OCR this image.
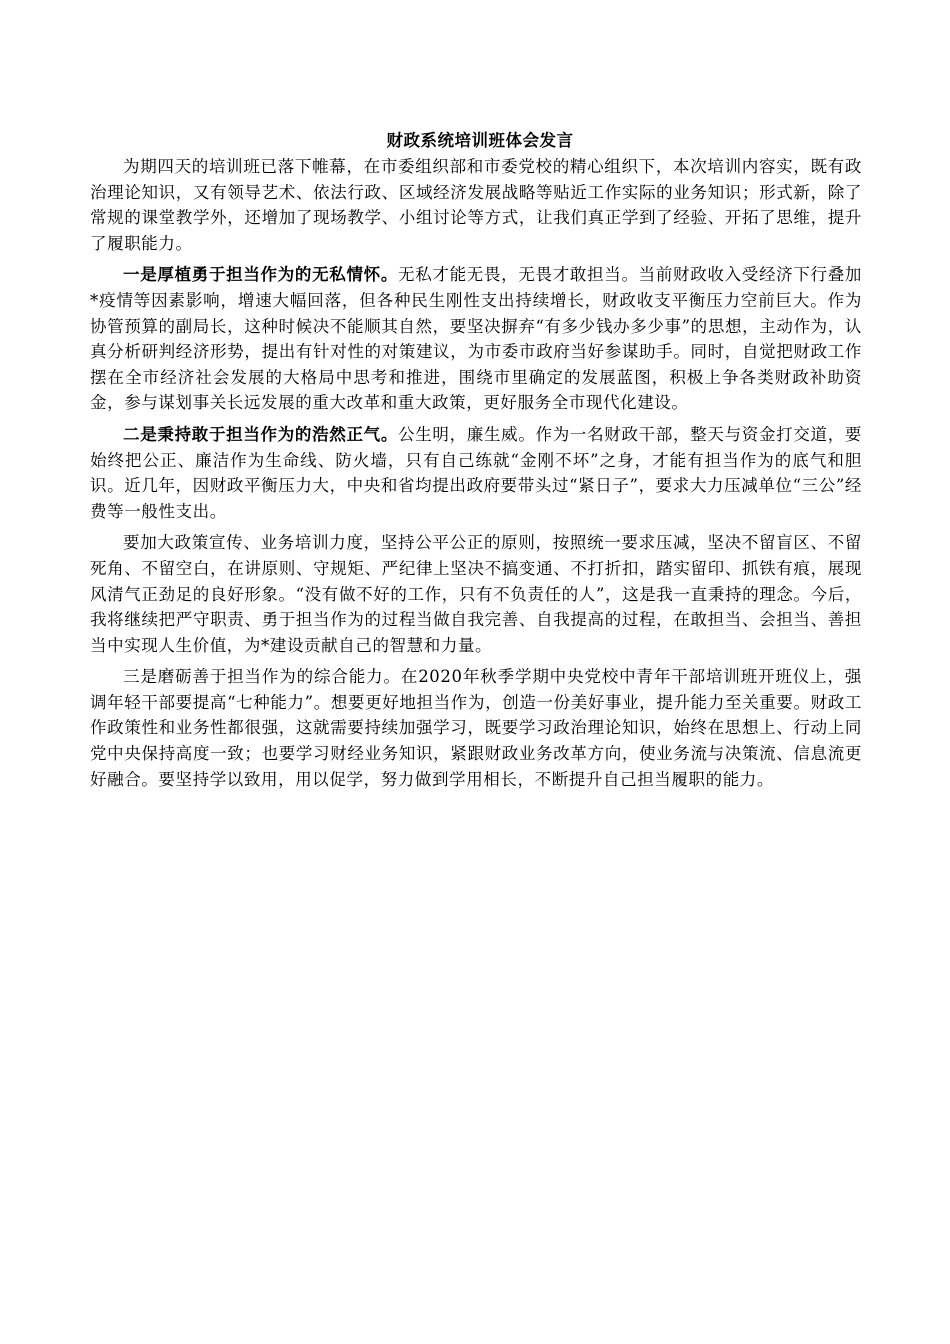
财政系统培训班体会发言

为期四天的培训班已落下帷幕，在市委组织部和市委党校的精心组织下，本次培训内容实，既有政治理论知识，又有领导艺术、依法行政、区域经济发展战略等贴近工作实际的业务知识；形式新，除了常规的课堂教学外，还增加了现场教学、小组讨论等方式，让我们真正学到了经验、开拓了思维，提升了履职能力。

一是厚植勇于担当作为的无私情怀。无私才能无畏，无畏才敢担当。当前财政收入受经济下行叠加*疫情等因素影响，增速大幅回落，但各种民生刚性支出持续增长，财政收支平衡压力空前巨大。作为协管预算的副局长，这种时候决不能顺其自然，要坚决摒弃“有多少钱办多少事”的思想，主动作为，认真分析研判经济形势，提出有针对性的对策建议，为市委市政府当好参谋助手。同时，自觉把财政工作摆在全市经济社会发展的大格局中思考和推进，围绕市里确定的发展蓝图，积极上争各类财政补助资金，参与谋划事关长远发展的重大改革和重大政策，更好服务全市现代化建设。

二是秉持敢于担当作为的浩然正气。公生明，廉生威。作为一名财政干部，整天与资金打交道，要始终把公正、廉洁作为生命线、防火墙，只有自己练就“金刚不坏”之身，才能有担当作为的底气和胆识。近几年，因财政平衡压力大，中央和省均提出政府要带头过“紧日子”，要求大力压减单位“三公”经费等一般性支出。

要加大政策宣传、业务培训力度，坚持公平公正的原则，按照统一要求压减，坚决不留盲区、不留死角、不留空白，在讲原则、守规矩、严纪律上坚决不搞变通、不打折扣，踏实留印、抓铁有痕，展现风清气正劲足的良好形象。“没有做不好的工作，只有不负责任的人”，这是我一直秉持的理念。今后，我将继续把严守职责、勇于担当作为的过程当做自我完善、自我提高的过程，在敢担当、会担当、善担当中实现人生价值，为*建设贡献自己的智慧和力量。

三是磨砺善于担当作为的综合能力。在2020年秋季学期中央党校中青年干部培训班开班仪上，强调年轻干部要提高“七种能力”。想要更好地担当作为，创造一份美好事业，提升能力至关重要。财政工作政策性和业务性都很强，这就需要持续加强学习，既要学习政治理论知识，始终在思想上、行动上同党中央保持高度一致；也要学习财经业务知识，紧跟财政业务改革方向，使业务流与决策流、信息流更好融合。要坚持学以致用，用以促学，努力做到学用相长，不断提升自己担当履职的能力。
